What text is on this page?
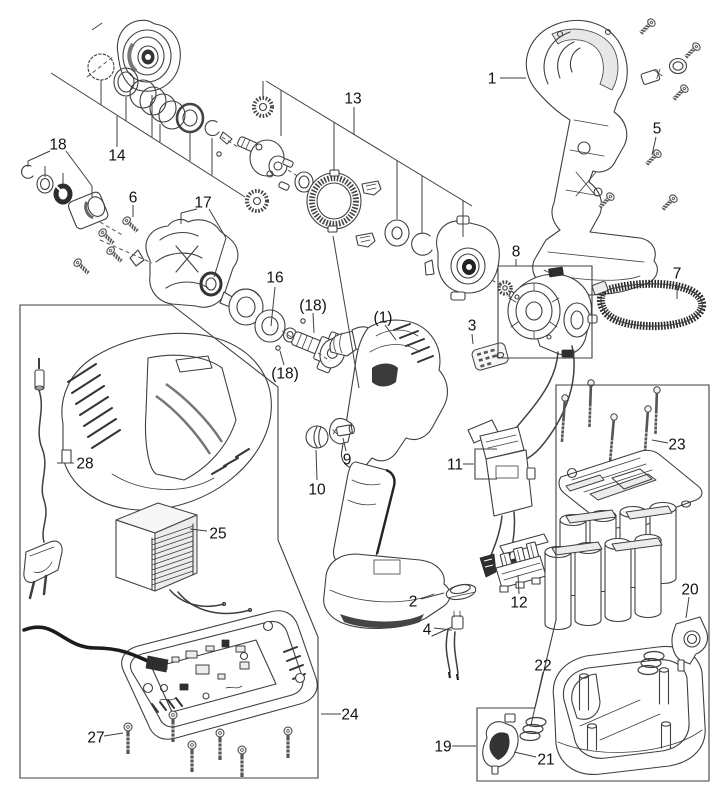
1
5
7
13
14
18
6	17
16
(18)
(18)
(1)	3
8
9
10
11
23
28
25
2	12
4
20
22
24
27
19
21
